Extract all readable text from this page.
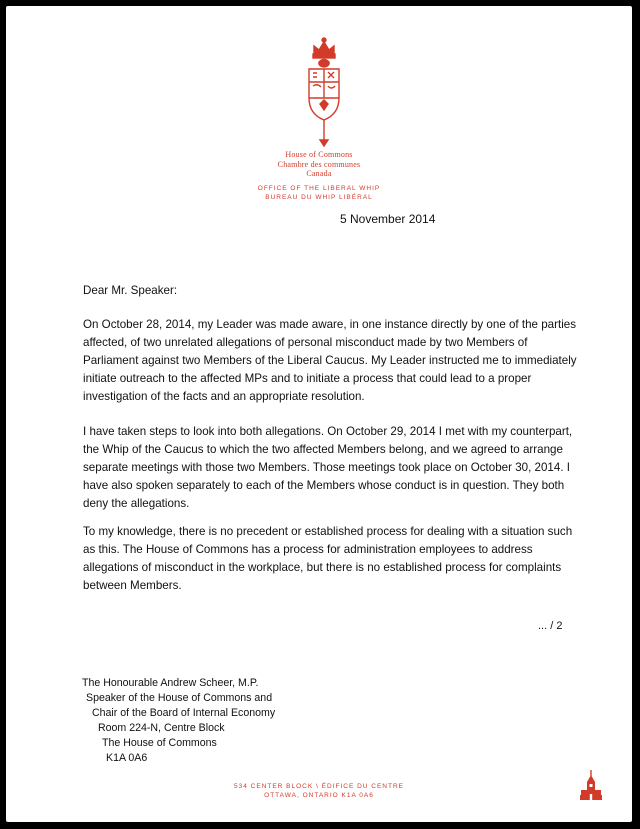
House of Commons
Chambre des communes
Canada
OFFICE OF THE LIBERAL WHIP
BUREAU DU WHIP LIBÉRAL
5 November 2014
Dear Mr. Speaker:
On October 28, 2014, my Leader was made aware, in one instance directly by one of the parties affected, of two unrelated allegations of personal misconduct made by two Members of Parliament against two Members of the Liberal Caucus. My Leader instructed me to immediately initiate outreach to the affected MPs and to initiate a process that could lead to a proper investigation of the facts and an appropriate resolution.
I have taken steps to look into both allegations. On October 29, 2014 I met with my counterpart, the Whip of the Caucus to which the two affected Members belong, and we agreed to arrange separate meetings with those two Members. Those meetings took place on October 30, 2014. I have also spoken separately to each of the Members whose conduct is in question. They both deny the allegations.
To my knowledge, there is no precedent or established process for dealing with a situation such as this. The House of Commons has a process for administration employees to address allegations of misconduct in the workplace, but there is no established process for complaints between Members.
... / 2
The Honourable Andrew Scheer, M.P.
Speaker of the House of Commons and
Chair of the Board of Internal Economy
Room 224-N, Centre Block
The House of Commons
K1A 0A6
534 CENTER BLOCK \ ÉDIFICE DU CENTRE
OTTAWA, ONTARIO K1A 0A6
